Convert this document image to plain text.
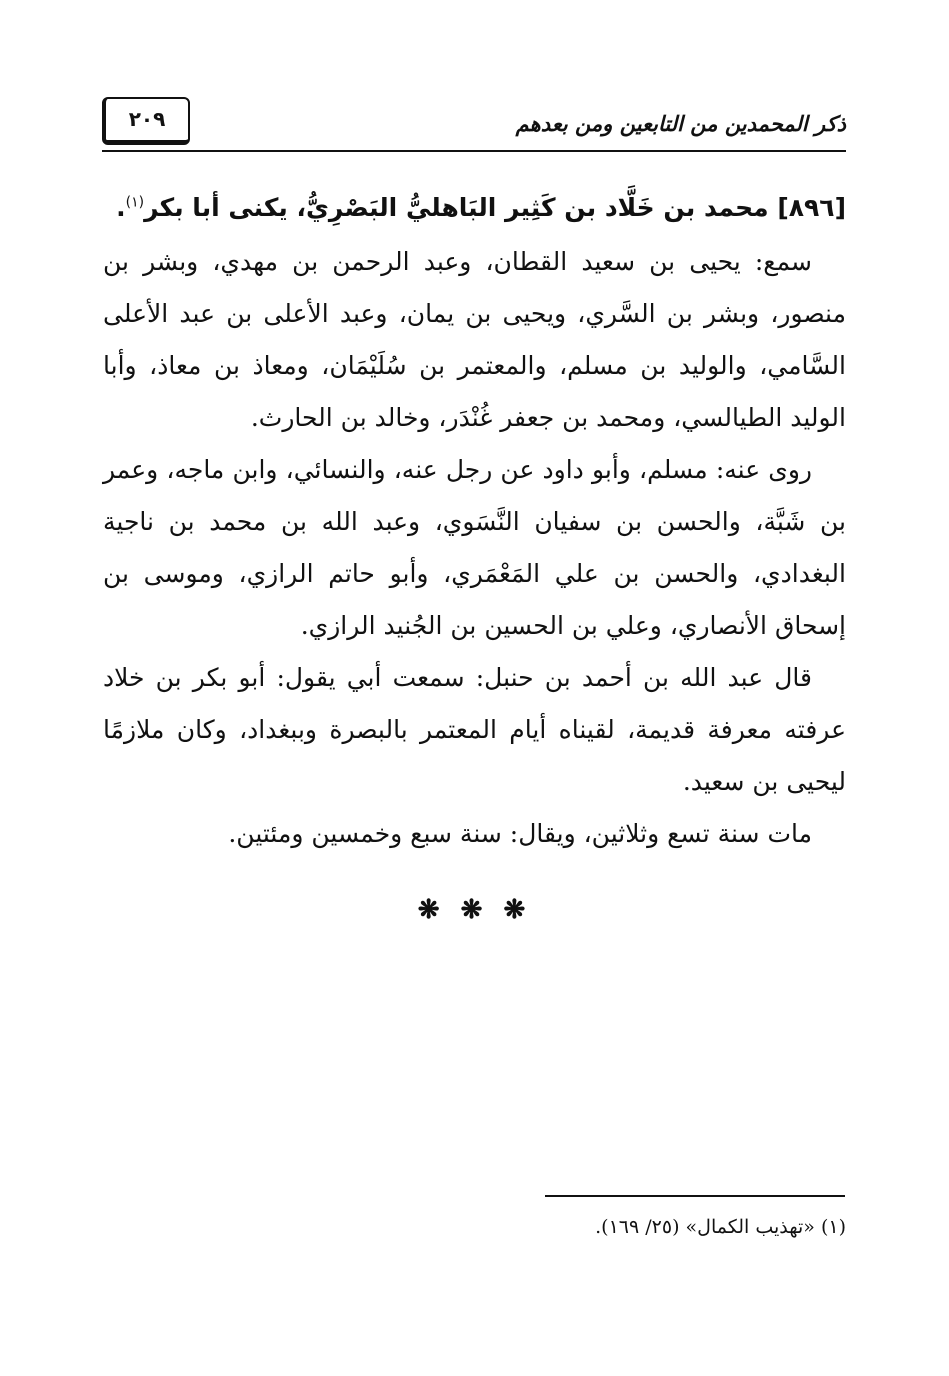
ذكر المحمدين من التابعين ومن بعدهم
٢٠٩

[٨٩٦] محمد بن خَلَّاد بن كَثِير البَاهليُّ البَصْرِيُّ، يكنى أبا بكر$^{(١)}$.

سمع: يحيى بن سعيد القطان، وعبد الرحمن بن مهدي، وبشر بن منصور، وبشر بن السَّري، ويحيى بن يمان، وعبد الأعلى بن عبد الأعلى السَّامي، والوليد بن مسلم، والمعتمر بن سُلَيْمَان، ومعاذ بن معاذ، وأبا الوليد الطيالسي، ومحمد بن جعفر غُنْدَر، وخالد بن الحارث.

روى عنه: مسلم، وأبو داود عن رجل عنه، والنسائي، وابن ماجه، وعمر بن شَبَّة، والحسن بن سفيان النَّسَوي، وعبد الله بن محمد بن ناجية البغدادي، والحسن بن علي المَعْمَري، وأبو حاتم الرازي، وموسى بن إسحاق الأنصاري، وعلي بن الحسين بن الجُنيد الرازي.

قال عبد الله بن أحمد بن حنبل: سمعت أبي يقول: أبو بكر بن خلاد عرفته معرفة قديمة، لقيناه أيام المعتمر بالبصرة وببغداد، وكان ملازمًا ليحيى بن سعيد.

مات سنة تسع وثلاثين، ويقال: سنة سبع وخمسين ومئتين.

❋ ❋ ❋
(١) «تهذيب الكمال» (٢٥/ ١٦٩).
